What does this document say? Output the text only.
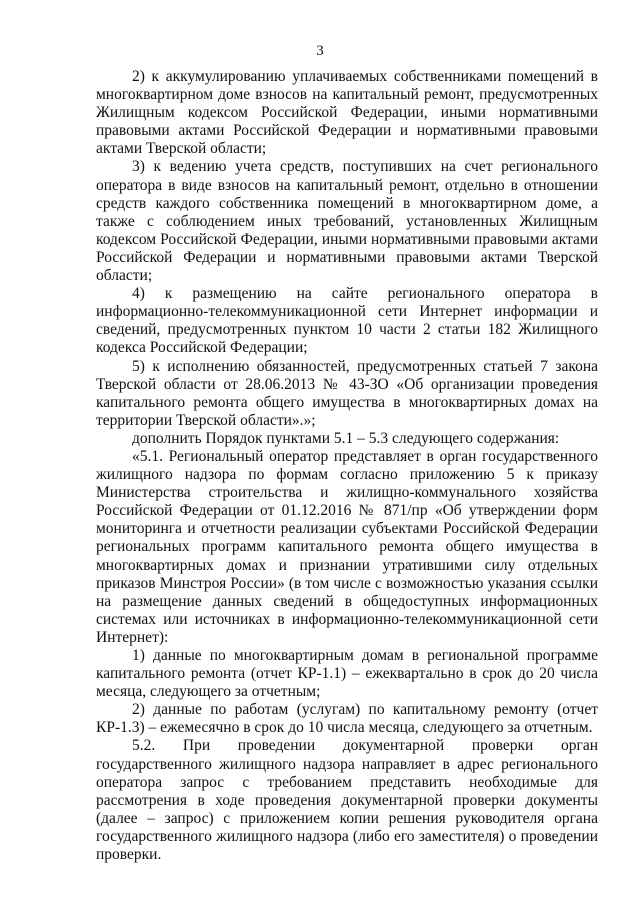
3

2) к аккумулированию уплачиваемых собственниками помещений в многоквартирном доме взносов на капитальный ремонт, предусмотренных Жилищным кодексом Российской Федерации, иными нормативными правовыми актами Российской Федерации и нормативными правовыми актами Тверской области;

3) к ведению учета средств, поступивших на счет регионального оператора в виде взносов на капитальный ремонт, отдельно в отношении средств каждого собственника помещений в многоквартирном доме, а также с соблюдением иных требований, установленных Жилищным кодексом Российской Федерации, иными нормативными правовыми актами Российской Федерации и нормативными правовыми актами Тверской области;

4) к размещению на сайте регионального оператора в информационно-телекоммуникационной сети Интернет информации и сведений, предусмотренных пунктом 10 части 2 статьи 182 Жилищного кодекса Российской Федерации;

5) к исполнению обязанностей, предусмотренных статьей 7 закона Тверской области от 28.06.2013 № 43-ЗО «Об организации проведения капитального ремонта общего имущества в многоквартирных домах на территории Тверской области».»;

дополнить Порядок пунктами 5.1 – 5.3 следующего содержания:

«5.1. Региональный оператор представляет в орган государственного жилищного надзора по формам согласно приложению 5 к приказу Министерства строительства и жилищно-коммунального хозяйства Российской Федерации от 01.12.2016 № 871/пр «Об утверждении форм мониторинга и отчетности реализации субъектами Российской Федерации региональных программ капитального ремонта общего имущества в многоквартирных домах и признании утратившими силу отдельных приказов Минстроя России» (в том числе с возможностью указания ссылки на размещение данных сведений в общедоступных информационных системах или источниках в информационно-телекоммуникационной сети Интернет):

1) данные по многоквартирным домам в региональной программе капитального ремонта (отчет КР-1.1) – ежеквартально в срок до 20 числа месяца, следующего за отчетным;

2) данные по работам (услугам) по капитальному ремонту (отчет КР-1.3) – ежемесячно в срок до 10 числа месяца, следующего за отчетным.

5.2. При проведении документарной проверки орган государственного жилищного надзора направляет в адрес регионального оператора запрос с требованием представить необходимые для рассмотрения в ходе проведения документарной проверки документы (далее – запрос) с приложением копии решения руководителя органа государственного жилищного надзора (либо его заместителя) о проведении проверки.
